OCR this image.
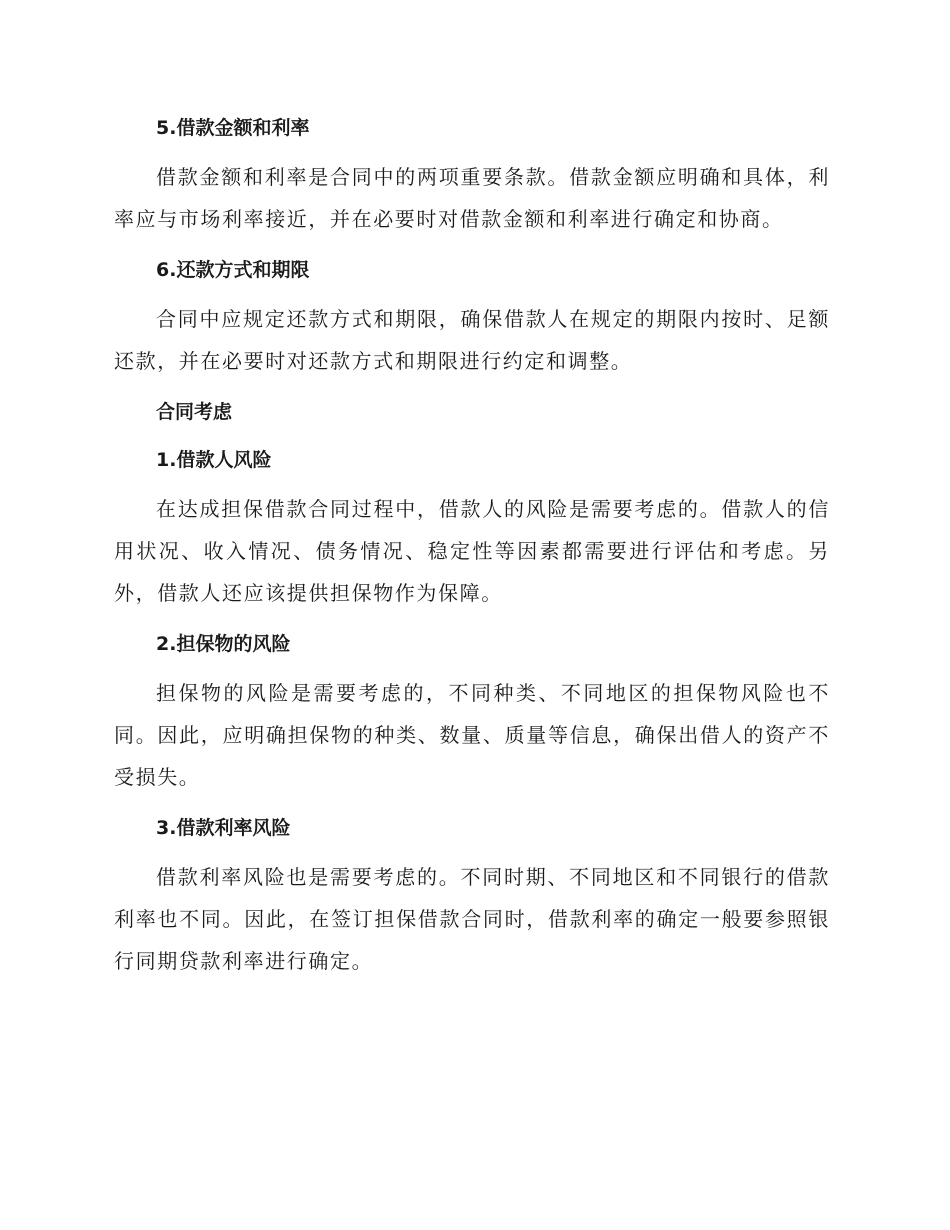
5.借款金额和利率

借款金额和利率是合同中的两项重要条款。借款金额应明确和具体，利率应与市场利率接近，并在必要时对借款金额和利率进行确定和协商。

6.还款方式和期限

合同中应规定还款方式和期限，确保借款人在规定的期限内按时、足额还款，并在必要时对还款方式和期限进行约定和调整。

合同考虑
1.借款人风险

在达成担保借款合同过程中，借款人的风险是需要考虑的。借款人的信用状况、收入情况、债务情况、稳定性等因素都需要进行评估和考虑。另外，借款人还应该提供担保物作为保障。

2.担保物的风险

担保物的风险是需要考虑的，不同种类、不同地区的担保物风险也不同。因此，应明确担保物的种类、数量、质量等信息，确保出借人的资产不受损失。

3.借款利率风险

借款利率风险也是需要考虑的。不同时期、不同地区和不同银行的借款利率也不同。因此，在签订担保借款合同时，借款利率的确定一般要参照银行同期贷款利率进行确定。
